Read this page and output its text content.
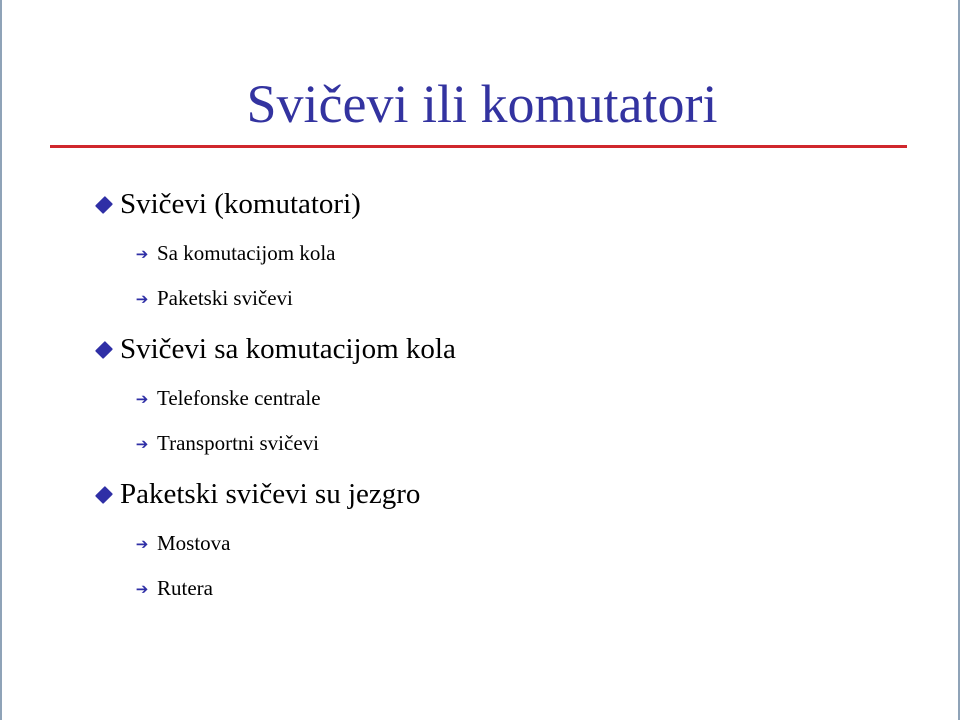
Svičevi ili komutatori
Svičevi (komutatori)
➔ Sa komutacijom kola
➔ Paketski svičevi
Svičevi sa komutacijom kola
➔ Telefonske centrale
➔ Transportni svičevi
Paketski svičevi su jezgro
➔ Mostova
➔ Rutera
